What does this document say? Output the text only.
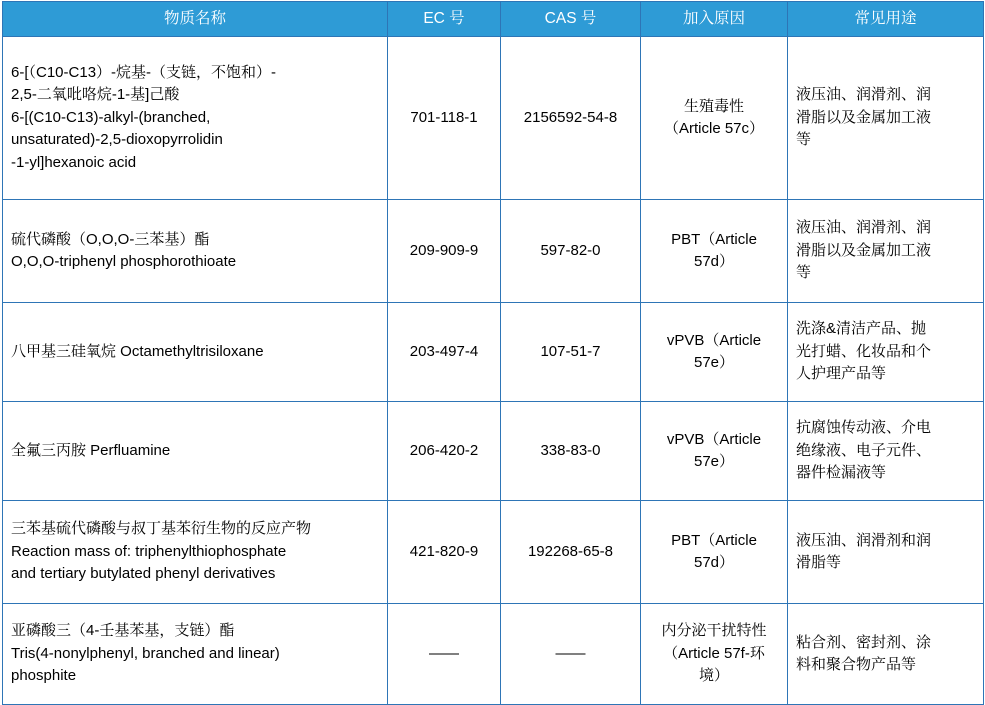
物质名称	EC 号	CAS 号	加入原因	常见用途

6-[（C10-C13）-烷基-（支链，不饱和）-
2,5-二氧吡咯烷-1-基]己酸
6-[(C10-C13)-alkyl-(branched,
unsaturated)-2,5-dioxopyrrolidin
-1-yl]hexanoic acid	701-118-1	2156592-54-8	生殖毒性
（Article 57c）	液压油、润滑剂、润
滑脂以及金属加工液
等

硫代磷酸（O,O,O-三苯基）酯
O,O,O-triphenyl phosphorothioate	209-909-9	597-82-0	PBT（Article
57d）	液压油、润滑剂、润
滑脂以及金属加工液
等

八甲基三硅氧烷 Octamethyltrisiloxane	203-497-4	107-51-7	vPVB（Article
57e）	洗涤&清洁产品、抛
光打蜡、化妆品和个
人护理产品等

全氟三丙胺 Perfluamine	206-420-2	338-83-0	vPVB（Article
57e）	抗腐蚀传动液、介电
绝缘液、电子元件、
器件检漏液等

三苯基硫代磷酸与叔丁基苯衍生物的反应产物
Reaction mass of: triphenylthiophosphate
and tertiary butylated phenyl derivatives	421-820-9	192268-65-8	PBT（Article
57d）	液压油、润滑剂和润
滑脂等

亚磷酸三（4-壬基苯基，支链）酯
Tris(4-nonylphenyl, branched and linear)
phosphite	——	——	内分泌干扰特性
（Article 57f-环
境）	粘合剂、密封剂、涂
料和聚合物产品等
